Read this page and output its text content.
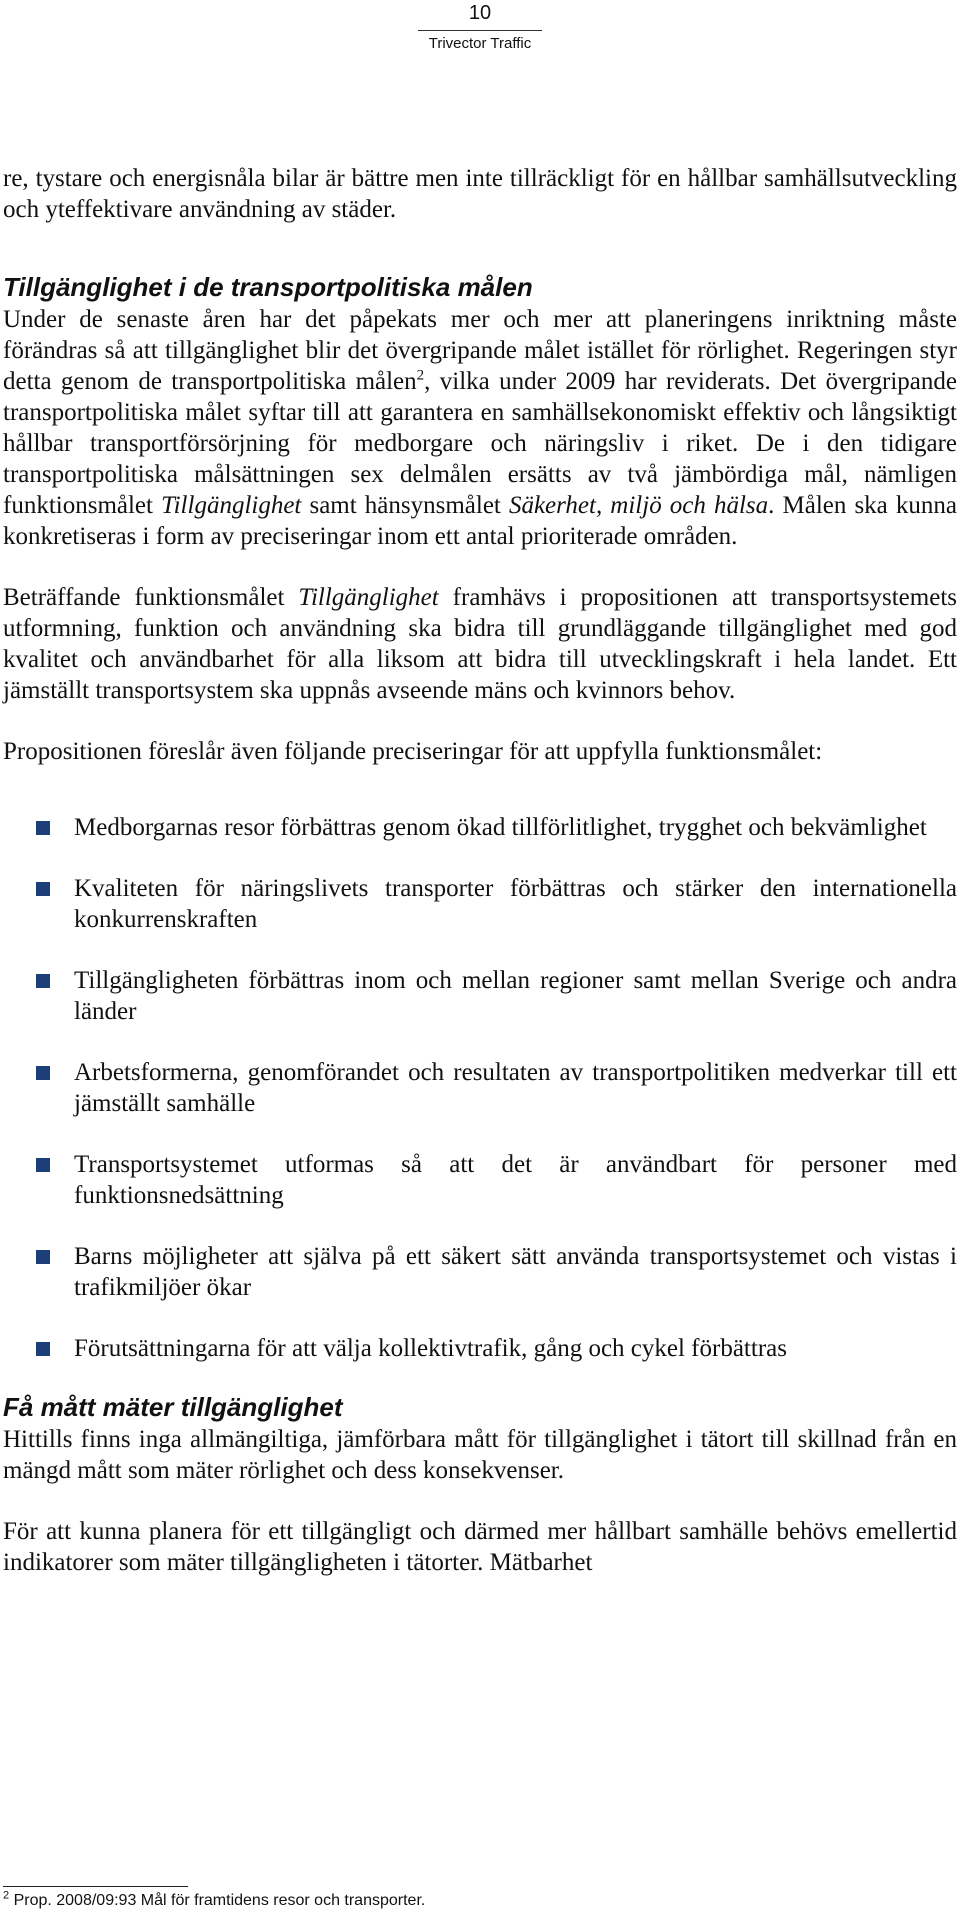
10
Trivector Traffic

re, tystare och energisnåla bilar är bättre men inte tillräckligt för en hållbar samhällsutveckling och yteffektivare användning av städer.

Tillgänglighet i de transportpolitiska målen

Under de senaste åren har det påpekats mer och mer att planeringens inriktning måste förändras så att tillgänglighet blir det övergripande målet istället för rörlighet. Regeringen styr detta genom de transportpolitiska målen$^2$, vilka under 2009 har reviderats. Det övergripande transportpolitiska målet syftar till att garantera en samhällsekonomiskt effektiv och långsiktigt hållbar transportförsörjning för medborgare och näringsliv i riket. De i den tidigare transportpolitiska målsättningen sex delmålen ersätts av två jämbördiga mål, nämligen funktionsmålet Tillgänglighet samt hänsynsmålet Säkerhet, miljö och hälsa. Målen ska kunna konkretiseras i form av preciseringar inom ett antal prioriterade områden.

Beträffande funktionsmålet Tillgänglighet framhävs i propositionen att transportsystemets utformning, funktion och användning ska bidra till grundläggande tillgänglighet med god kvalitet och användbarhet för alla liksom att bidra till utvecklingskraft i hela landet. Ett jämställt transportsystem ska uppnås avseende mäns och kvinnors behov.

Propositionen föreslår även följande preciseringar för att uppfylla funktionsmålet:

Medborgarnas resor förbättras genom ökad tillförlitlighet, trygghet och bekvämlighet
Kvaliteten för näringslivets transporter förbättras och stärker den internationella konkurrenskraften
Tillgängligheten förbättras inom och mellan regioner samt mellan Sverige och andra länder
Arbetsformerna, genomförandet och resultaten av transportpolitiken medverkar till ett jämställt samhälle
Transportsystemet utformas så att det är användbart för personer med funktionsnedsättning
Barns möjligheter att själva på ett säkert sätt använda transportsystemet och vistas i trafikmiljöer ökar
Förutsättningarna för att välja kollektivtrafik, gång och cykel förbättras
Få mått mäter tillgänglighet

Hittills finns inga allmängiltiga, jämförbara mått för tillgänglighet i tätort till skillnad från en mängd mått som mäter rörlighet och dess konsekvenser.

För att kunna planera för ett tillgängligt och därmed mer hållbart samhälle behövs emellertid indikatorer som mäter tillgängligheten i tätorter. Mätbarhet

$^2$ Prop. 2008/09:93 Mål för framtidens resor och transporter.
